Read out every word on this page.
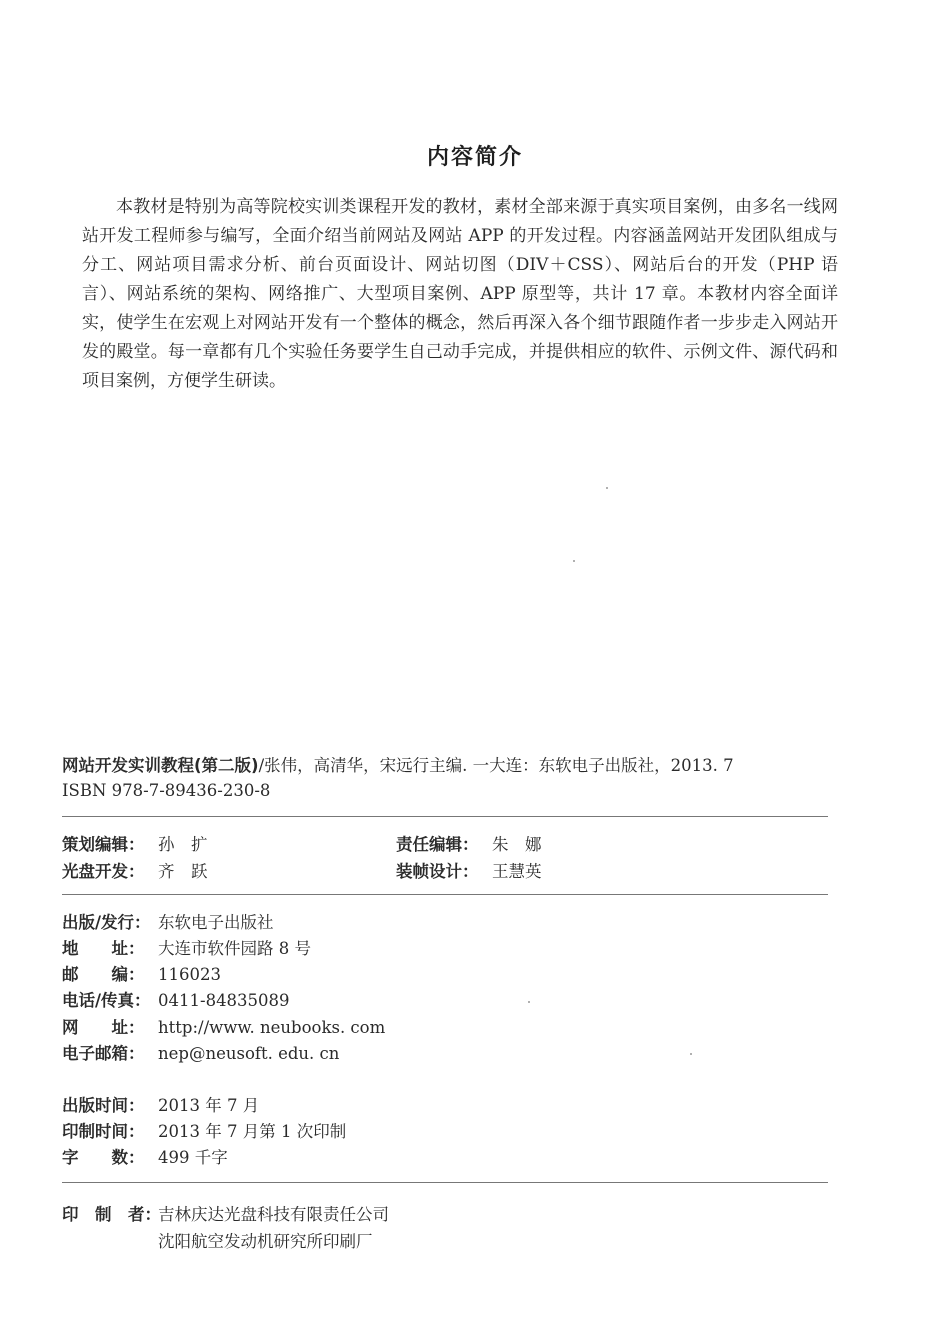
内容简介

本教材是特别为高等院校实训类课程开发的教材，素材全部来源于真实项目案例，由多名一线网站开发工程师参与编写，全面介绍当前网站及网站 APP 的开发过程。内容涵盖网站开发团队组成与分工、网站项目需求分析、前台页面设计、网站切图（DIV＋CSS）、网站后台的开发（PHP 语言）、网站系统的架构、网络推广、大型项目案例、APP 原型等，共计 17 章。本教材内容全面详实，使学生在宏观上对网站开发有一个整体的概念，然后再深入各个细节跟随作者一步步走入网站开发的殿堂。每一章都有几个实验任务要学生自己动手完成，并提供相应的软件、示例文件、源代码和项目案例，方便学生研读。

网站开发实训教程(第二版)/张伟，高清华，宋远行主编. 一大连：东软电子出版社，2013. 7
ISBN 978-7-89436-230-8
策划编辑： 孙　扩	责任编辑： 朱　娜
光盘开发： 齐　跃	装帧设计： 王慧英
出版/发行： 东软电子出版社
地　　址： 大连市软件园路 8 号
邮　　编： 116023
电话/传真： 0411-84835089
网　　址： http://www. neubooks. com
电子邮箱： nep@neusoft. edu. cn
出版时间： 2013 年 7 月
印制时间： 2013 年 7 月第 1 次印制
字　　数： 499 千字
印　制　者：吉林庆达光盘科技有限责任公司
沈阳航空发动机研究所印刷厂
